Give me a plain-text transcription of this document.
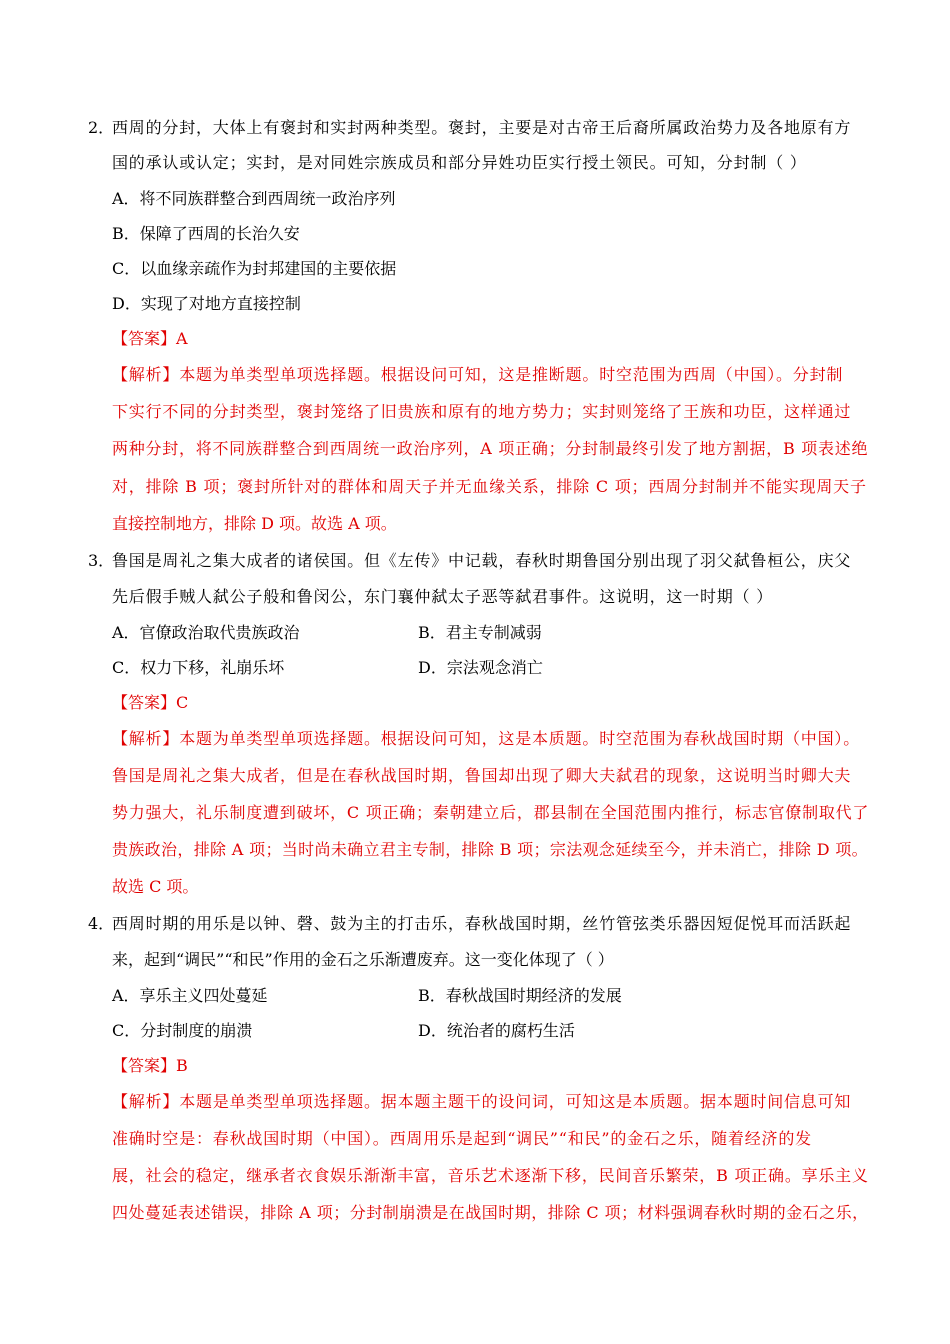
2．
西周的分封，大体上有褒封和实封两种类型。褒封，主要是对古帝王后裔所属政治势力及各地原有方
国的承认或认定；实封，是对同姓宗族成员和部分异姓功臣实行授土领民。可知，分封制（ ）
A．将不同族群整合到西周统一政治序列
B．保障了西周的长治久安
C．以血缘亲疏作为封邦建国的主要依据
D．实现了对地方直接控制
【答案】A
【解析】本题为单类型单项选择题。根据设问可知，这是推断题。时空范围为西周（中国）。分封制
下实行不同的分封类型，褒封笼络了旧贵族和原有的地方势力；实封则笼络了王族和功臣，这样通过
两种分封，将不同族群整合到西周统一政治序列，A 项正确；分封制最终引发了地方割据，B 项表述绝
对，排除 B 项；褒封所针对的群体和周天子并无血缘关系，排除 C 项；西周分封制并不能实现周天子
直接控制地方，排除 D 项。故选 A 项。
3．
鲁国是周礼之集大成者的诸侯国。但《左传》中记载，春秋时期鲁国分别出现了羽父弑鲁桓公，庆父
先后假手贼人弑公子般和鲁闵公，东门襄仲弑太子恶等弑君事件。这说明，这一时期（ ）
A．官僚政治取代贵族政治	B．君主专制减弱
C．权力下移，礼崩乐坏	D．宗法观念消亡
【答案】C
【解析】本题为单类型单项选择题。根据设问可知，这是本质题。时空范围为春秋战国时期（中国）。
鲁国是周礼之集大成者，但是在春秋战国时期，鲁国却出现了卿大夫弑君的现象，这说明当时卿大夫
势力强大，礼乐制度遭到破坏，C 项正确；秦朝建立后，郡县制在全国范围内推行，标志官僚制取代了
贵族政治，排除 A 项；当时尚未确立君主专制，排除 B 项；宗法观念延续至今，并未消亡，排除 D 项。
故选 C 项。
4．
西周时期的用乐是以钟、磬、鼓为主的打击乐，春秋战国时期，丝竹管弦类乐器因短促悦耳而活跃起
来，起到“调民”“和民”作用的金石之乐渐遭废弃。这一变化体现了（ ）
A．享乐主义四处蔓延	B．春秋战国时期经济的发展
C．分封制度的崩溃	D．统治者的腐朽生活
【答案】B
【解析】本题是单类型单项选择题。据本题主题干的设问词，可知这是本质题。据本题时间信息可知
准确时空是：春秋战国时期（中国）。西周用乐是起到“调民”“和民”的金石之乐，随着经济的发
展，社会的稳定，继承者衣食娱乐渐渐丰富，音乐艺术逐渐下移，民间音乐繁荣，B 项正确。享乐主义
四处蔓延表述错误，排除 A 项；分封制崩溃是在战国时期，排除 C 项；材料强调春秋时期的金石之乐，
